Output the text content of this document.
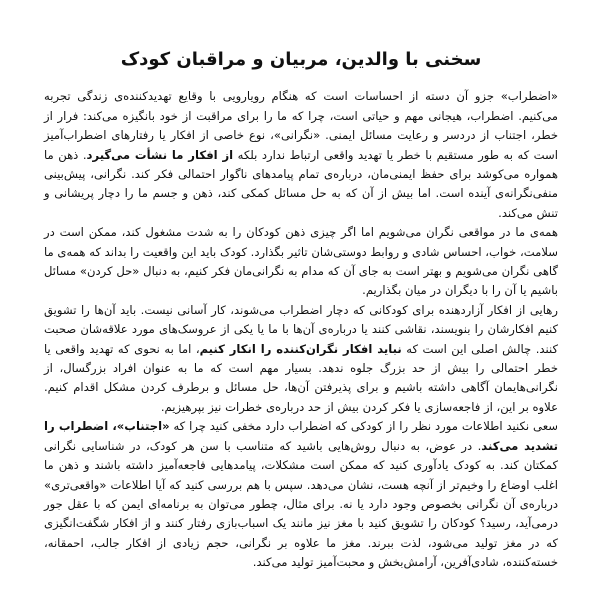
سخنی با والدین، مربیان و مراقبان کودک

«اضطراب» جزو آن دسته از احساسات است که هنگام رویارویی با وقایع تهدیدکننده‌ی زندگی تجربه می‌کنیم. اضطراب، هیجانی مهم و حیاتی است، چرا که ما را برای مراقبت از خود بانگیزه می‌کند: فرار از خطر، اجتناب از دردسر و رعایت مسائل ایمنی. «نگرانی»، نوع خاصی از افکار یا رفتارهای اضطراب‌آمیز است که به طور مستقیم با خطر یا تهدید واقعی ارتباط ندارد بلکه از افکار ما نشأت می‌گیرد. ذهن ما همواره می‌کوشد برای حفظ ایمنی‌مان، درباره‌ی تمام پیامدهای ناگوار احتمالی فکر کند. نگرانی، پیش‌بینی منفی‌نگرانه‌ی آینده است. اما بیش از آن که به حل مسائل کمکی کند، ذهن و جسم ما را دچار پریشانی و تنش می‌کند.

همه‌ی ما در مواقعی نگران می‌شویم اما اگر چیزی ذهن کودکان را به شدت مشغول کند، ممکن است در سلامت، خواب، احساس شادی و روابط دوستی‌شان تاثیر بگذارد. کودک باید این واقعیت را بداند که همه‌ی ما گاهی نگران می‌شویم و بهتر است به جای آن که مدام به نگرانی‌مان فکر کنیم، به دنبال «حل کردن» مسائل باشیم یا آن را با دیگران در میان بگذاریم.

رهایی از افکار آزاردهنده برای کودکانی که دچار اضطراب می‌شوند، کار آسانی نیست. باید آن‌ها را تشویق کنیم افکارشان را بنویسند، نقاشی کنند یا درباره‌ی آن‌ها با ما یا یکی از عروسک‌های مورد علاقه‌شان صحبت کنند. چالش اصلی این است که نباید افکار نگران‌کننده را انکار کنیم، اما به نحوی که تهدید واقعی یا خطر احتمالی را بیش از حد بزرگ جلوه ندهد. بسیار مهم است که ما به عنوان افراد بزرگسال، از نگرانی‌هایمان آگاهی داشته باشیم و برای پذیرفتن آن‌ها، حل مسائل و برطرف کردن مشکل اقدام کنیم. علاوه بر این، از فاجعه‌سازی یا فکر کردن بیش از حد درباره‌ی خطرات نیز بپرهیزیم.

سعی نکنید اطلاعات مورد نظر را از کودکی که اضطراب دارد مخفی کنید چرا که «اجتناب»، اضطراب را تشدید می‌کند. در عوض، به دنبال روش‌هایی باشید که متناسب با سن هر کودک، در شناسایی نگرانی کمکتان کند. به کودک یادآوری کنید که ممکن است مشکلات، پیامدهایی فاجعه‌آمیز داشته باشند و ذهن ما اغلب اوضاع را وخیم‌تر از آنچه هست، نشان می‌دهد. سپس با هم بررسی کنید که آیا اطلاعات «واقعی‌تری» درباره‌ی آن نگرانی بخصوص وجود دارد یا نه. برای مثال، چطور می‌توان به برنامه‌ای ایمن که با عقل جور درمی‌آید، رسید؟ کودکان را تشویق کنید با مغز نیز مانند یک اسباب‌بازی رفتار کنند و از افکار شگفت‌انگیزی که در مغز تولید می‌شود، لذت ببرند. مغز ما علاوه بر نگرانی، حجم زیادی از افکار جالب، احمقانه، خسته‌کننده، شادی‌آفرین، آرامش‌بخش و محبت‌آمیز تولید می‌کند.
